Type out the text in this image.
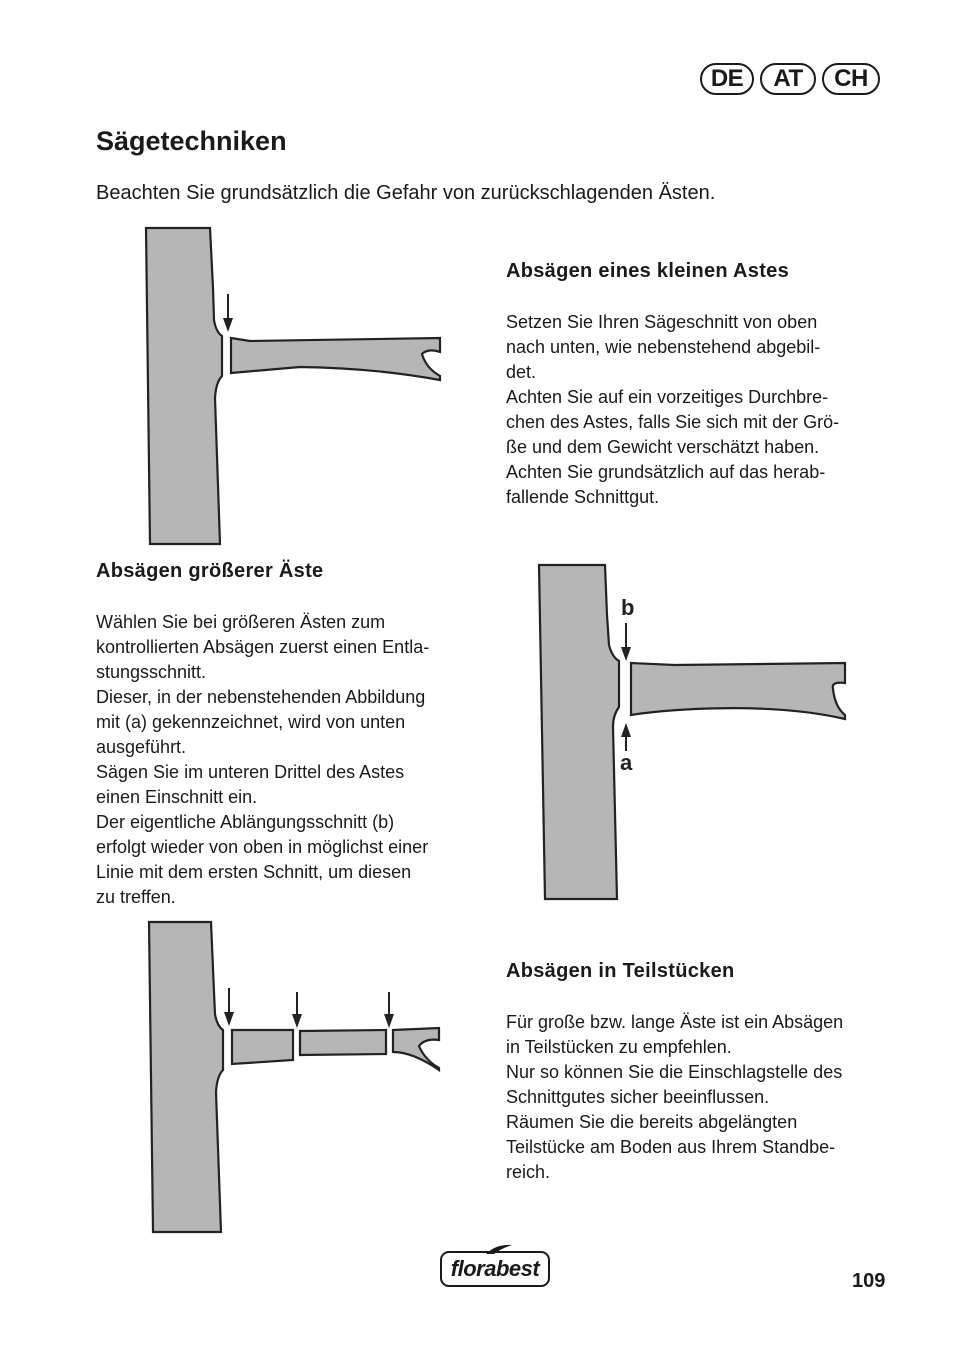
DE	AT	CH
Sägetechniken

Beachten Sie grundsätzlich die Gefahr von zurückschlagenden Ästen.

Absägen eines kleinen Astes

Setzen Sie Ihren Sägeschnitt von oben
nach unten, wie nebenstehend abgebil-
det.
Achten Sie auf ein vorzeitiges Durchbre-
chen des Astes, falls Sie sich mit der Grö-
ße und dem Gewicht verschätzt haben.
Achten Sie grundsätzlich auf das herab-
fallende Schnittgut.

Absägen größerer Äste

Wählen Sie bei größeren Ästen zum
kontrollierten Absägen zuerst einen Entla-
stungsschnitt.
Dieser, in der nebenstehenden Abbildung
mit (a) gekennzeichnet, wird von unten
ausgeführt.
Sägen Sie im unteren Drittel des Astes
einen Einschnitt ein.
Der eigentliche Ablängungsschnitt (b)
erfolgt wieder von oben in möglichst einer
Linie mit dem ersten Schnitt, um diesen
zu treffen.

b
a
Absägen in Teilstücken

Für große bzw. lange Äste ist ein Absägen
in Teilstücken zu empfehlen.
Nur so können Sie die Einschlagstelle des
Schnittgutes sicher beeinflussen.
Räumen Sie die bereits abgelängten
Teilstücke am Boden aus Ihrem Standbe-
reich.

florabest	109
